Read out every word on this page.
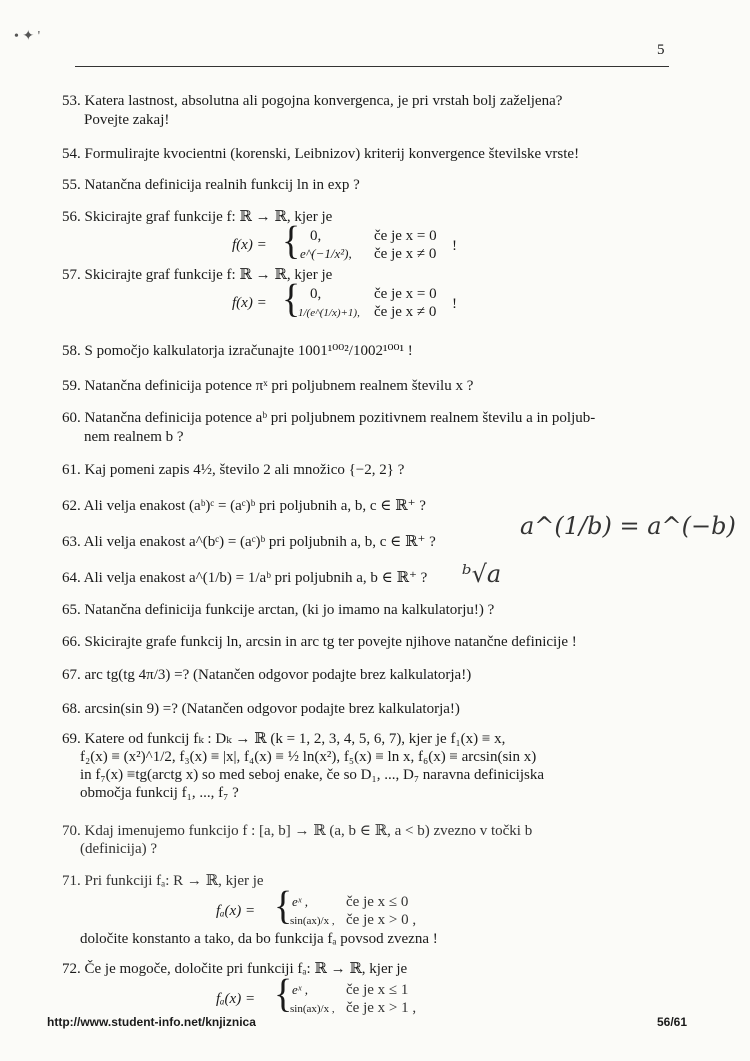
• ✦ '
5
53. Katera lastnost, absolutna ali pogojna konvergenca, je pri vrstah bolj zaželjena?
Povejte zakaj!
54. Formulirajte kvocientni (korenski, Leibnizov) kriterij konvergence številske vrste!
55. Natančna definicija realnih funkcij ln in exp ?
56. Skicirajte graf funkcije f: ℝ → ℝ, kjer je
f(x) = { 0,	če je x = 0
e^(−1/x²), če je x ≠ 0 !
57. Skicirajte graf funkcije f: ℝ → ℝ, kjer je
f(x) = { 0,	če je x = 0
1/(e^(1/x)+1), če je x ≠ 0 !
58. S pomočjo kalkulatorja izračunajte 1001¹⁰⁰²/1002¹⁰⁰¹ !
59. Natančna definicija potence πˣ pri poljubnem realnem številu x ?
60. Natančna definicija potence aᵇ pri poljubnem pozitivnem realnem številu a in poljub-
nem realnem b ?
61. Kaj pomeni zapis 4½, število 2 ali množico {−2, 2} ?
62. Ali velja enakost (aᵇ)ᶜ = (aᶜ)ᵇ pri poljubnih a, b, c ∈ ℝ⁺ ?
63. Ali velja enakost a^(bᶜ) = (aᶜ)ᵇ pri poljubnih a, b, c ∈ ℝ⁺ ?
64. Ali velja enakost a^(1/b) = 1/aᵇ pri poljubnih a, b ∈ ℝ⁺ ?
a^(1/b) = a^(−b)
ᵇ√a
65. Natančna definicija funkcije arctan, (ki jo imamo na kalkulatorju!) ?
66. Skicirajte grafe funkcij ln, arcsin in arc tg ter povejte njihove natančne definicije !
67. arc tg(tg 4π/3) =? (Natančen odgovor podajte brez kalkulatorja!)
68. arcsin(sin 9) =? (Natančen odgovor podajte brez kalkulatorja!)
69. Katere od funkcij fₖ : Dₖ → ℝ (k = 1, 2, 3, 4, 5, 6, 7), kjer je f₁(x) ≡ x,
f₂(x) ≡ (x²)^1/2, f₃(x) ≡ |x|, f₄(x) ≡ ½ ln(x²), f₅(x) ≡ ln x, f₆(x) ≡ arcsin(sin x)
in f₇(x) ≡tg(arctg x) so med seboj enake, če so D₁, ..., D₇ naravna definicijska
območja funkcij f₁, ..., f₇ ?
70. Kdaj imenujemo funkcijo f : [a, b] → ℝ (a, b ∈ ℝ, a < b) zvezno v točki b
(definicija) ?
71. Pri funkciji fₐ: R → ℝ, kjer je
fₐ(x) = { eˣ ,	če je x ≤ 0
sin(ax)/x , če je x > 0 ,
določite konstanto a tako, da bo funkcija fₐ povsod zvezna !
72. Če je mogoče, določite pri funkciji fₐ: ℝ → ℝ, kjer je
fₐ(x) = { eˣ ,	če je x ≤ 1
sin(ax)/x , če je x > 1 ,
http://www.student-info.net/knjiznica	56/61
